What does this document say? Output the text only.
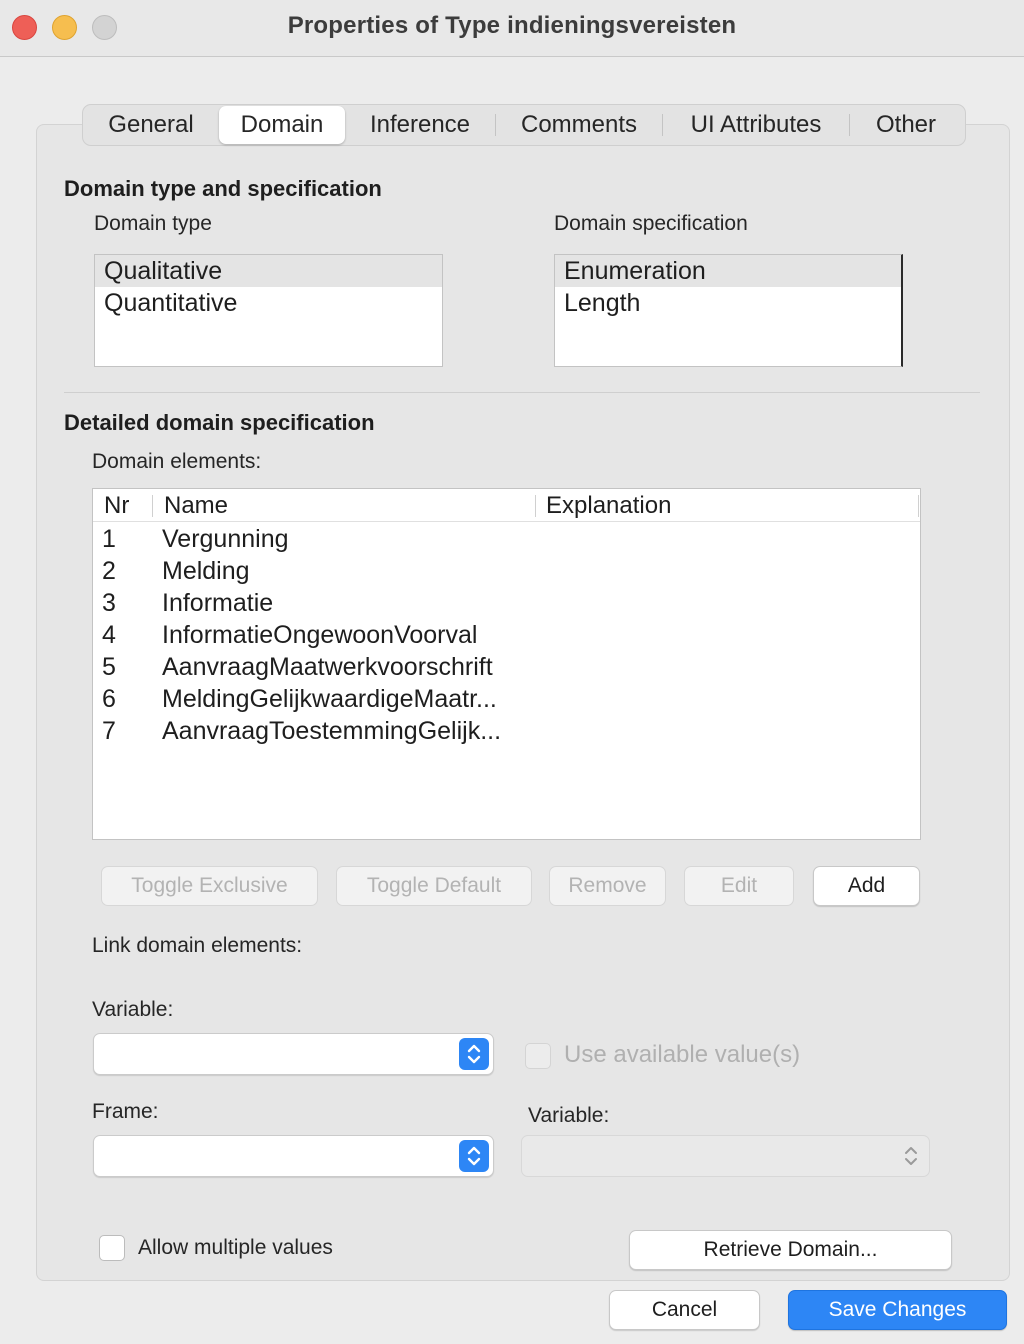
Properties of Type indieningsvereisten
General	Domain	Inference	Comments	UI Attributes	Other
Domain type and specification
Domain type	Domain specification
Qualitative
Quantitative
Enumeration
Length
Detailed domain specification
Domain elements:
Nr Name	Explanation
1 Vergunning
2 Melding
3 Informatie
4 InformatieOngewoonVoorval
5 AanvraagMaatwerkvoorschrift
6 MeldingGelijkwaardigeMaatr...
7 AanvraagToestemmingGelijk...
Toggle Exclusive	Toggle Default	Remove	Edit	Add
Link domain elements:
Variable:
Use available value(s)
Frame:	Variable:
Allow multiple values	Retrieve Domain...
Cancel	Save Changes
